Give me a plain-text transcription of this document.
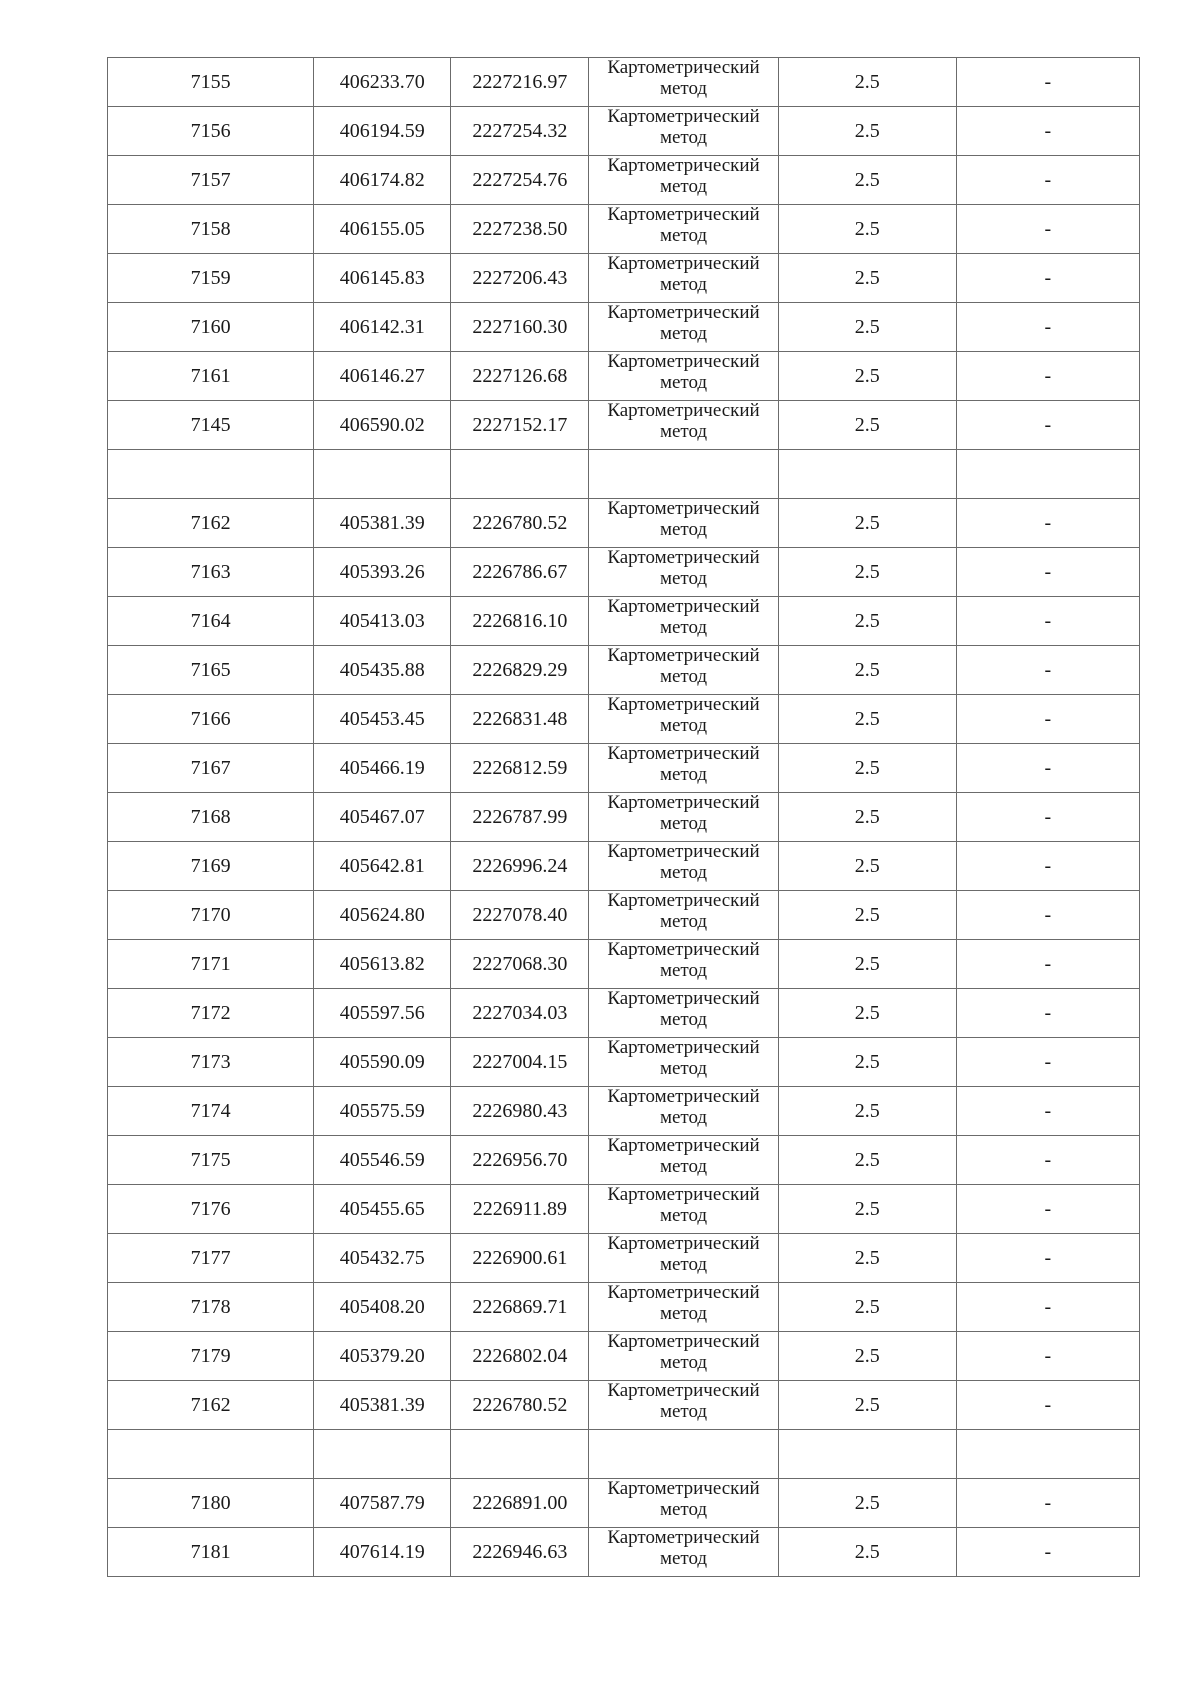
7155	406233.70	2227216.97	Картометрический метод	2.5	-
7156	406194.59	2227254.32	Картометрический метод	2.5	-
7157	406174.82	2227254.76	Картометрический метод	2.5	-
7158	406155.05	2227238.50	Картометрический метод	2.5	-
7159	406145.83	2227206.43	Картометрический метод	2.5	-
7160	406142.31	2227160.30	Картометрический метод	2.5	-
7161	406146.27	2227126.68	Картометрический метод	2.5	-
7145	406590.02	2227152.17	Картометрический метод	2.5	-

7162	405381.39	2226780.52	Картометрический метод	2.5	-
7163	405393.26	2226786.67	Картометрический метод	2.5	-
7164	405413.03	2226816.10	Картометрический метод	2.5	-
7165	405435.88	2226829.29	Картометрический метод	2.5	-
7166	405453.45	2226831.48	Картометрический метод	2.5	-
7167	405466.19	2226812.59	Картометрический метод	2.5	-
7168	405467.07	2226787.99	Картометрический метод	2.5	-
7169	405642.81	2226996.24	Картометрический метод	2.5	-
7170	405624.80	2227078.40	Картометрический метод	2.5	-
7171	405613.82	2227068.30	Картометрический метод	2.5	-
7172	405597.56	2227034.03	Картометрический метод	2.5	-
7173	405590.09	2227004.15	Картометрический метод	2.5	-
7174	405575.59	2226980.43	Картометрический метод	2.5	-
7175	405546.59	2226956.70	Картометрический метод	2.5	-
7176	405455.65	2226911.89	Картометрический метод	2.5	-
7177	405432.75	2226900.61	Картометрический метод	2.5	-
7178	405408.20	2226869.71	Картометрический метод	2.5	-
7179	405379.20	2226802.04	Картометрический метод	2.5	-
7162	405381.39	2226780.52	Картометрический метод	2.5	-

7180	407587.79	2226891.00	Картометрический метод	2.5	-
7181	407614.19	2226946.63	Картометрический метод	2.5	-
